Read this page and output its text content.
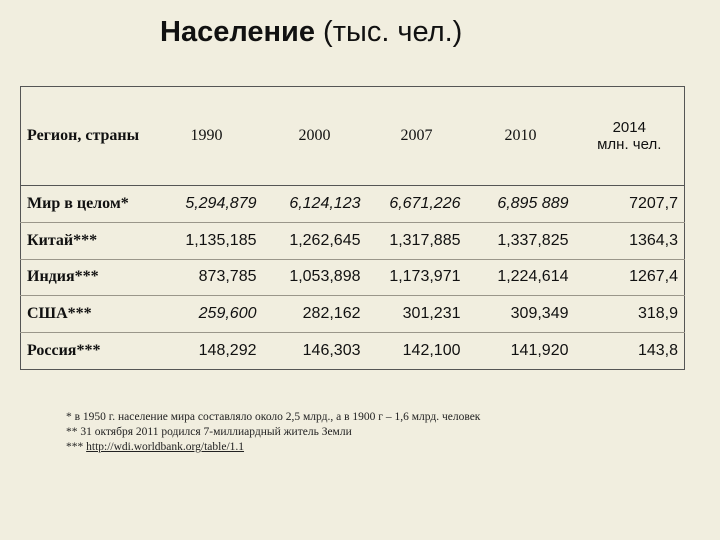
Население (тыс. чел.)
Регион, страны	1990	2000	2007	2010	2014
млн. чел.

Мир в целом*	5,294,879	6,124,123	6,671,226	6,895 889	7207,7
Китай***	1,135,185	1,262,645	1,317,885	1,337,825	1364,3
Индия***	873,785	1,053,898	1,173,971	1,224,614	1267,4
США***	259,600	282,162	301,231	309,349	318,9
Россия***	148,292	146,303	142,100	141,920	143,8
* в 1950 г. население мира составляло около 2,5 млрд., а в 1900 г – 1,6 млрд. человек
** 31 октября 2011 родился 7-миллиардный житель Земли
*** http://wdi.worldbank.org/table/1.1
